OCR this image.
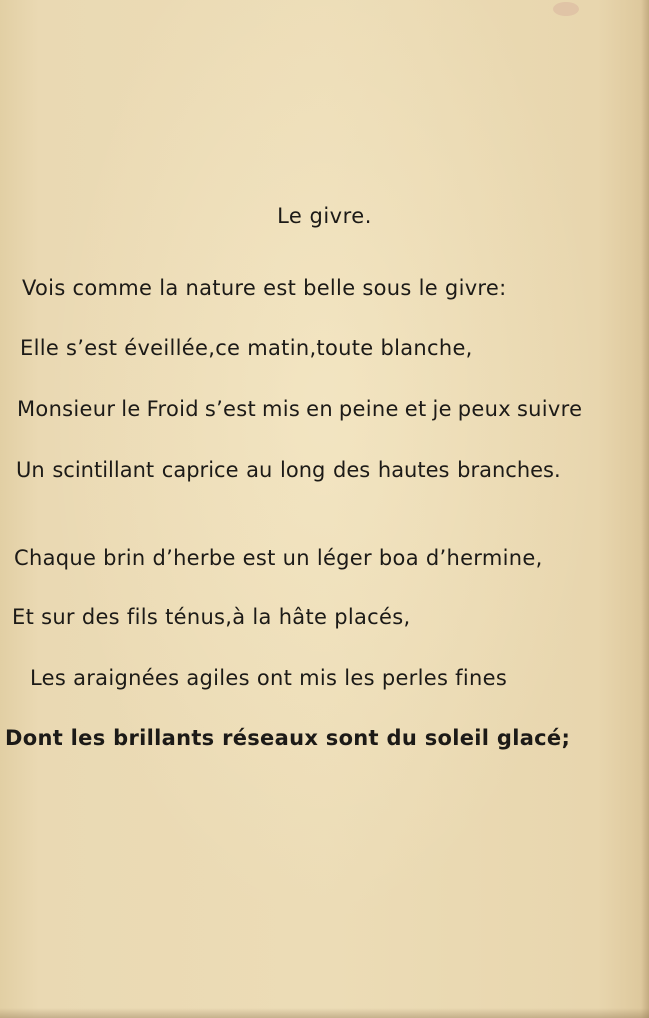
Le givre.
Vois comme la nature est belle sous le givre:
Elle s’est éveillée,ce matin,toute blanche,
Monsieur le Froid s’est mis en peine et je peux suivre
Un scintillant caprice au long des hautes branches.
Chaque brin d’herbe est un léger boa d’hermine,
Et sur des fils ténus,à la hâte placés,
Les araignées agiles ont mis les perles fines
Dont les brillants réseaux sont du soleil glacé;
